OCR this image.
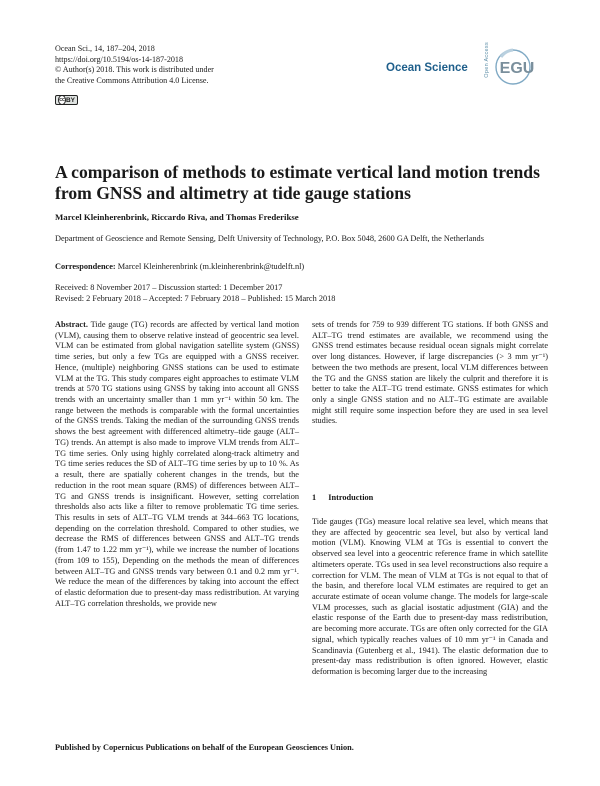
Ocean Sci., 14, 187–204, 2018
https://doi.org/10.5194/os-14-187-2018
© Author(s) 2018. This work is distributed under
the Creative Commons Attribution 4.0 License.
cc BY
Ocean Science	Open Access EGU
A comparison of methods to estimate vertical land motion trends from GNSS and altimetry at tide gauge stations
Marcel Kleinherenbrink, Riccardo Riva, and Thomas Frederikse
Department of Geoscience and Remote Sensing, Delft University of Technology, P.O. Box 5048, 2600 GA Delft, the Netherlands
Correspondence: Marcel Kleinherenbrink (m.kleinherenbrink@tudelft.nl)
Received: 8 November 2017 – Discussion started: 1 December 2017
Revised: 2 February 2018 – Accepted: 7 February 2018 – Published: 15 March 2018
Abstract. Tide gauge (TG) records are affected by vertical land motion (VLM), causing them to observe relative instead of geocentric sea level. VLM can be estimated from global navigation satellite system (GNSS) time series, but only a few TGs are equipped with a GNSS receiver. Hence, (multiple) neighboring GNSS stations can be used to estimate VLM at the TG. This study compares eight approaches to estimate VLM trends at 570 TG stations using GNSS by taking into account all GNSS trends with an uncertainty smaller than 1 mm yr⁻¹ within 50 km. The range between the methods is comparable with the formal uncertainties of the GNSS trends. Taking the median of the surrounding GNSS trends shows the best agreement with differenced altimetry–tide gauge (ALT–TG) trends. An attempt is also made to improve VLM trends from ALT–TG time series. Only using highly correlated along-track altimetry and TG time series reduces the SD of ALT–TG time series by up to 10 %. As a result, there are spatially coherent changes in the trends, but the reduction in the root mean square (RMS) of differences between ALT–TG and GNSS trends is insignificant. However, setting correlation thresholds also acts like a filter to remove problematic TG time series. This results in sets of ALT–TG VLM trends at 344–663 TG locations, depending on the correlation threshold. Compared to other studies, we decrease the RMS of differences between GNSS and ALT–TG trends (from 1.47 to 1.22 mm yr⁻¹), while we increase the number of locations (from 109 to 155), Depending on the methods the mean of differences between ALT–TG and GNSS trends vary between 0.1 and 0.2 mm yr⁻¹. We reduce the mean of the differences by taking into account the effect of elastic deformation due to present-day mass redistribution. At varying ALT–TG correlation thresholds, we provide new
sets of trends for 759 to 939 different TG stations. If both GNSS and ALT–TG trend estimates are available, we recommend using the GNSS trend estimates because residual ocean signals might correlate over long distances. However, if large discrepancies (> 3 mm yr⁻¹) between the two methods are present, local VLM differences between the TG and the GNSS station are likely the culprit and therefore it is better to take the ALT–TG trend estimate. GNSS estimates for which only a single GNSS station and no ALT–TG estimate are available might still require some inspection before they are used in sea level studies.
1 Introduction
Tide gauges (TGs) measure local relative sea level, which means that they are affected by geocentric sea level, but also by vertical land motion (VLM). Knowing VLM at TGs is essential to convert the observed sea level into a geocentric reference frame in which satellite altimeters operate. TGs used in sea level reconstructions also require a correction for VLM. The mean of VLM at TGs is not equal to that of the basin, and therefore local VLM estimates are required to get an accurate estimate of ocean volume change. The models for large-scale VLM processes, such as glacial isostatic adjustment (GIA) and the elastic response of the Earth due to present-day mass redistribution, are becoming more accurate. TGs are often only corrected for the GIA signal, which typically reaches values of 10 mm yr⁻¹ in Canada and Scandinavia (Gutenberg et al., 1941). The elastic deformation due to present-day mass redistribution is often ignored. However, elastic deformation is becoming larger due to the increasing
Published by Copernicus Publications on behalf of the European Geosciences Union.
